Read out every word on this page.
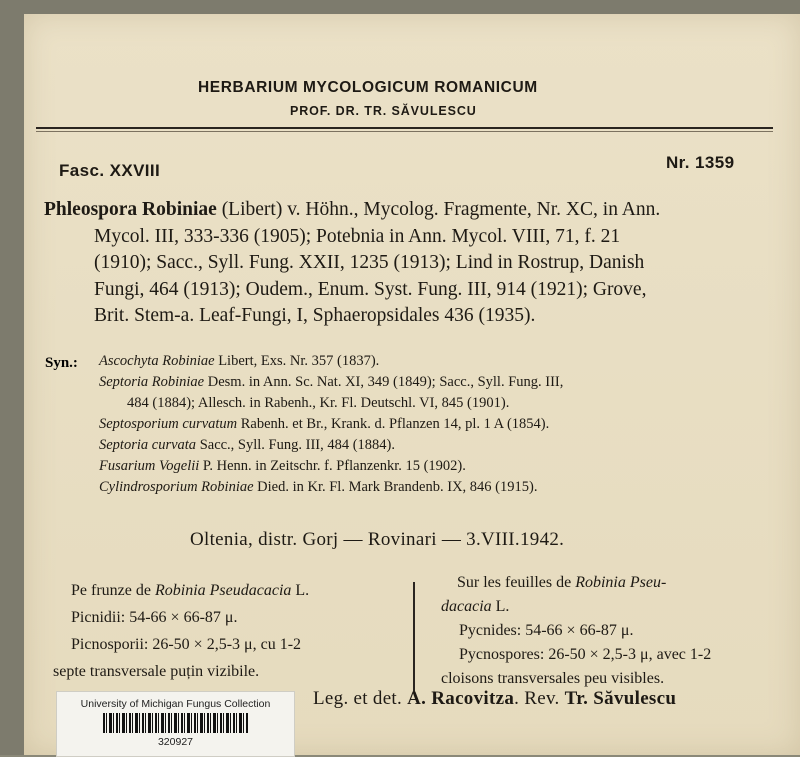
HERBARIUM MYCOLOGICUM ROMANICUM
PROF. DR. TR. SĂVULESCU
Fasc. XXVIII	Nr. 1359
Phleospora Robiniae (Libert) v. Höhn., Mycolog. Fragmente, Nr. XC, in Ann.
Mycol. III, 333-336 (1905); Potebnia in Ann. Mycol. VIII, 71, f. 21
(1910); Sacc., Syll. Fung. XXII, 1235 (1913); Lind in Rostrup, Danish
Fungi, 464 (1913); Oudem., Enum. Syst. Fung. III, 914 (1921); Grove,
Brit. Stem-a. Leaf-Fungi, I, Sphaeropsidales 436 (1935).
Syn.:	Ascochyta Robiniae Libert, Exs. Nr. 357 (1837).
Septoria Robiniae Desm. in Ann. Sc. Nat. XI, 349 (1849); Sacc., Syll. Fung. III,
484 (1884); Allesch. in Rabenh., Kr. Fl. Deutschl. VI, 845 (1901).
Septosporium curvatum Rabenh. et Br., Krank. d. Pflanzen 14, pl. 1 A (1854).
Septoria curvata Sacc., Syll. Fung. III, 484 (1884).
Fusarium Vogelii P. Henn. in Zeitschr. f. Pflanzenkr. 15 (1902).
Cylindrosporium Robiniae Died. in Kr. Fl. Mark Brandenb. IX, 846 (1915).
Oltenia, distr. Gorj — Rovinari — 3.VIII.1942.
Pe frunze de Robinia Pseudacacia L.
Picnidii: 54-66 × 66-87 μ.
Picnosporii: 26-50 × 2,5-3 μ, cu 1-2
septe transversale puțin vizibile.
Sur les feuilles de Robinia Pseu-
dacacia L.
Pycnides: 54-66 × 66-87 μ.
Pycnospores: 26-50 × 2,5-3 μ, avec 1-2
cloisons transversales peu visibles.
Leg. et det. A. Racovitza. Rev. Tr. Săvulescu
University of Michigan Fungus Collection
320927
